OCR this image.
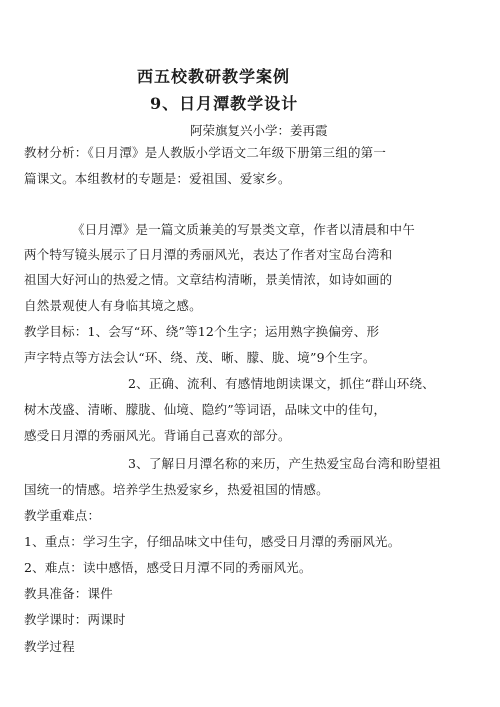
西五校教研教学案例
9、日月潭教学设计
阿荣旗复兴小学：姜再霞
教材分析：《日月潭》是人教版小学语文二年级下册第三组的第一
篇课文。本组教材的专题是：爱祖国、爱家乡。
《日月潭》是一篇文质兼美的写景类文章，作者以清晨和中午
两个特写镜头展示了日月潭的秀丽风光，表达了作者对宝岛台湾和
祖国大好河山的热爱之情。文章结构清晰，景美情浓，如诗如画的
自然景观使人有身临其境之感。
教学目标：1、会写“环、绕”等12个生字；运用熟字换偏旁、形
声字特点等方法会认“环、绕、茂、晰、朦、胧、境”9个生字。
2、正确、流利、有感情地朗读课文，抓住“群山环绕、
树木茂盛、清晰、朦胧、仙境、隐约”等词语，品味文中的佳句，
感受日月潭的秀丽风光。背诵自己喜欢的部分。
3、了解日月潭名称的来历，产生热爱宝岛台湾和盼望祖
国统一的情感。培养学生热爱家乡，热爱祖国的情感。
教学重难点：
1、重点：学习生字，仔细品味文中佳句，感受日月潭的秀丽风光。
2、难点：读中感悟，感受日月潭不同的秀丽风光。
教具准备：课件
教学课时：两课时
教学过程
